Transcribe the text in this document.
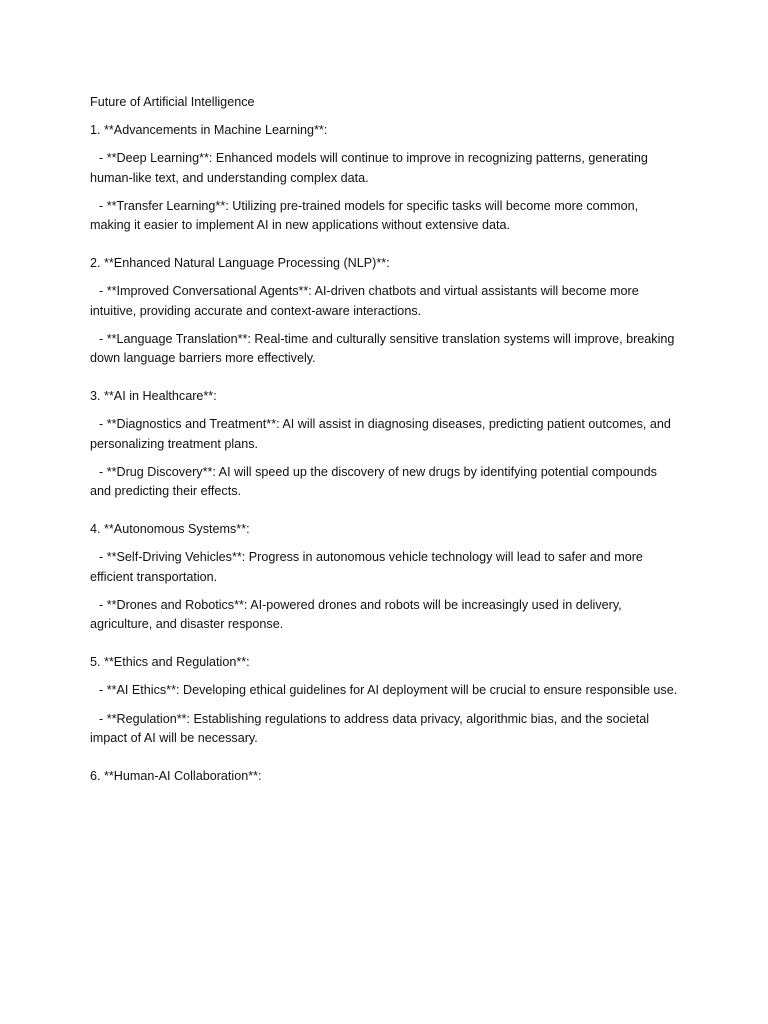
Future of Artificial Intelligence

1. **Advancements in Machine Learning**:

- **Deep Learning**: Enhanced models will continue to improve in recognizing patterns, generating human-like text, and understanding complex data.

- **Transfer Learning**: Utilizing pre-trained models for specific tasks will become more common, making it easier to implement AI in new applications without extensive data.

2. **Enhanced Natural Language Processing (NLP)**:

- **Improved Conversational Agents**: AI-driven chatbots and virtual assistants will become more intuitive, providing accurate and context-aware interactions.

- **Language Translation**: Real-time and culturally sensitive translation systems will improve, breaking down language barriers more effectively.

3. **AI in Healthcare**:

- **Diagnostics and Treatment**: AI will assist in diagnosing diseases, predicting patient outcomes, and personalizing treatment plans.

- **Drug Discovery**: AI will speed up the discovery of new drugs by identifying potential compounds and predicting their effects.

4. **Autonomous Systems**:

- **Self-Driving Vehicles**: Progress in autonomous vehicle technology will lead to safer and more efficient transportation.

- **Drones and Robotics**: AI-powered drones and robots will be increasingly used in delivery, agriculture, and disaster response.

5. **Ethics and Regulation**:

- **AI Ethics**: Developing ethical guidelines for AI deployment will be crucial to ensure responsible use.

- **Regulation**: Establishing regulations to address data privacy, algorithmic bias, and the societal impact of AI will be necessary.

6. **Human-AI Collaboration**:
